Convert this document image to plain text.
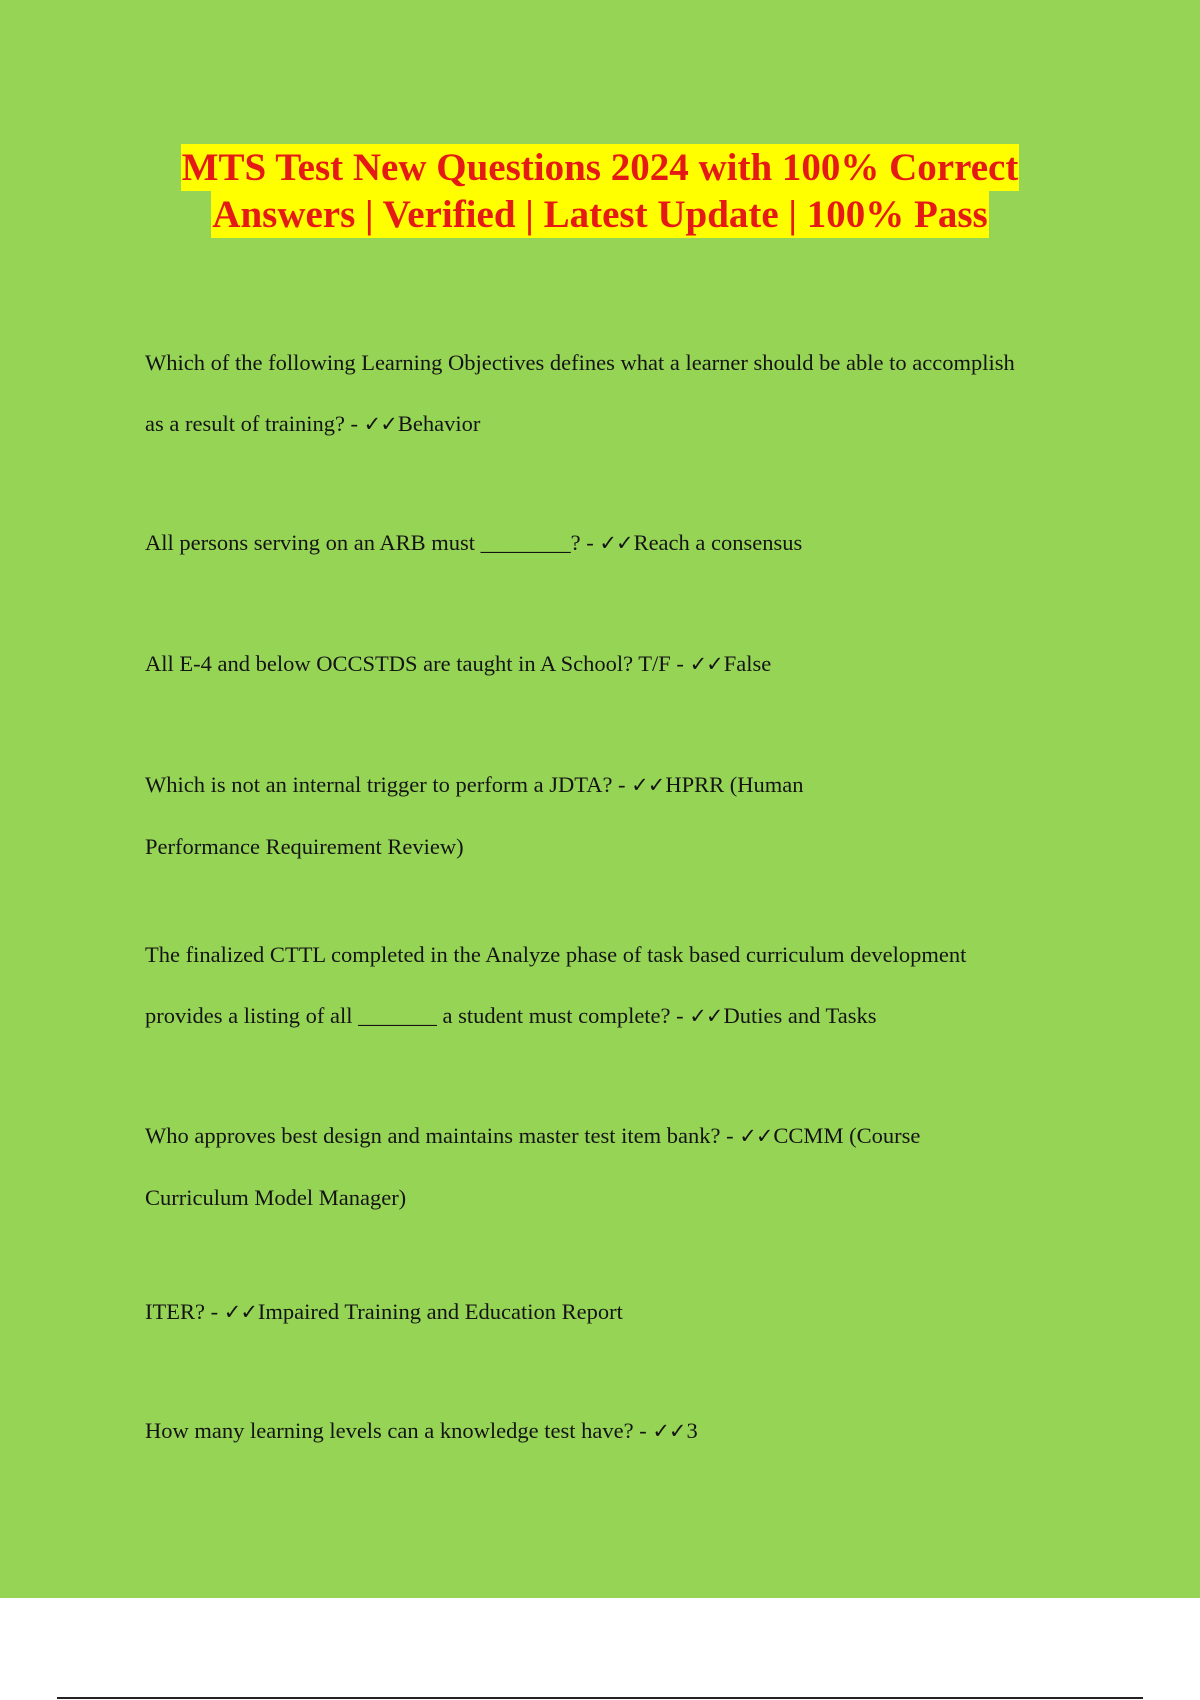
MTS Test New Questions 2024 with 100% Correct
Answers | Verified | Latest Update | 100% Pass
Which of the following Learning Objectives defines what a learner should be able to accomplish
as a result of training? - ✓✓Behavior
All persons serving on an ARB must ________? - ✓✓Reach a consensus
All E-4 and below OCCSTDS are taught in A School? T/F - ✓✓False
Which is not an internal trigger to perform a JDTA? - ✓✓HPRR (Human
Performance Requirement Review)
The finalized CTTL completed in the Analyze phase of task based curriculum development
provides a listing of all _______ a student must complete? - ✓✓Duties and Tasks
Who approves best design and maintains master test item bank? - ✓✓CCMM (Course
Curriculum Model Manager)
ITER? - ✓✓Impaired Training and Education Report
How many learning levels can a knowledge test have? - ✓✓3
